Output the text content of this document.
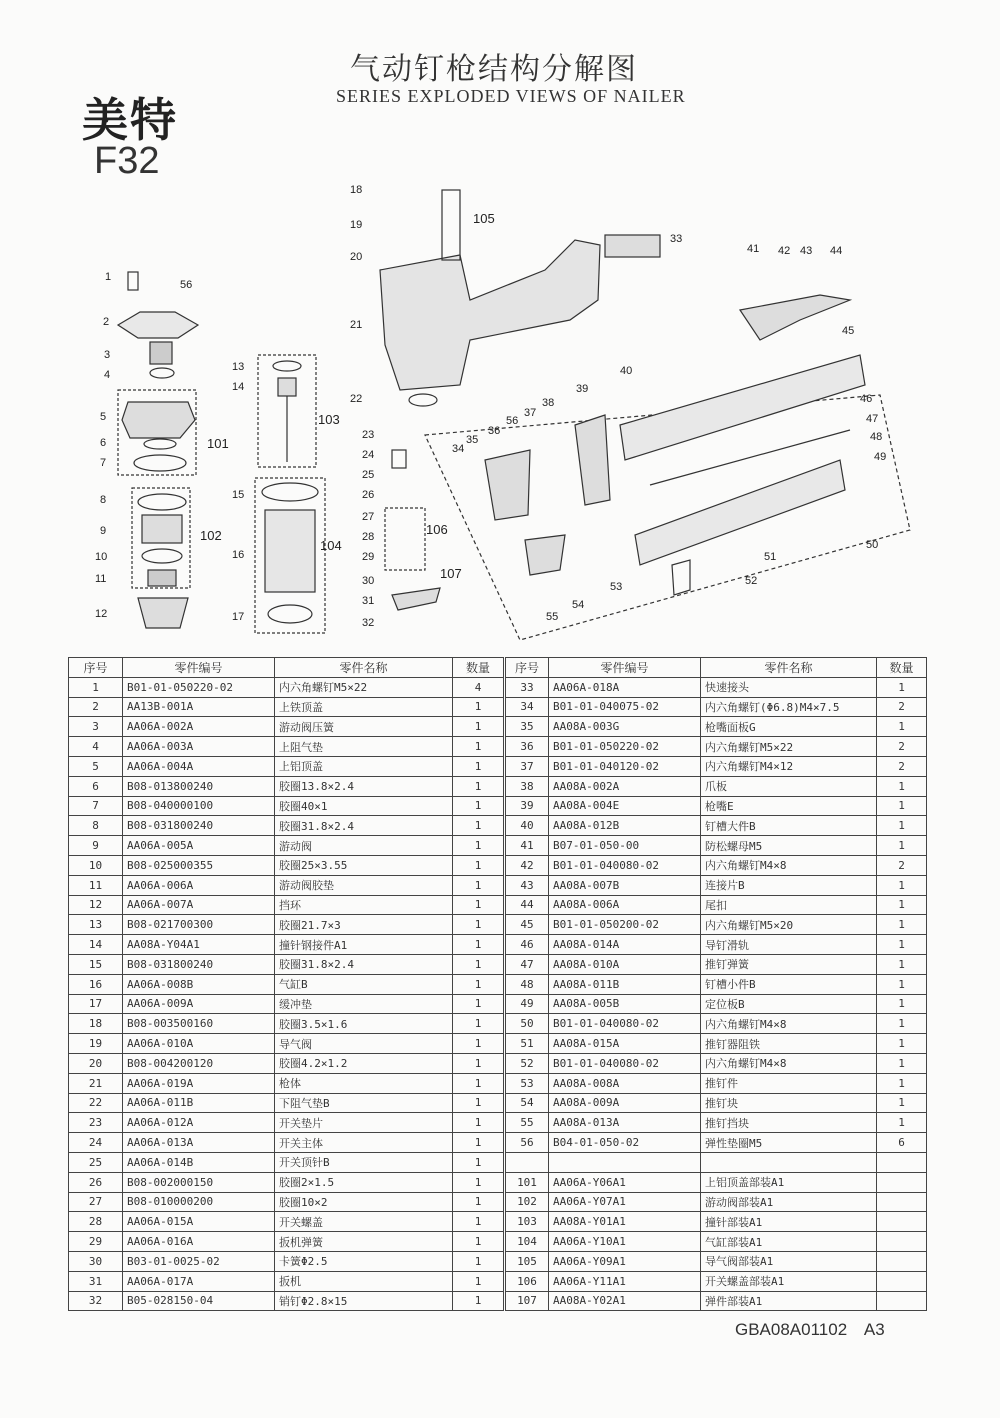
气动钉枪结构分解图
SERIES EXPLODED VIEWS OF NAILER
美特
F32
1
56
2
3
4
5
6
7
8
9
10
11
12
13
14
15
16
17
18
19
20
21
22
23
24
25
26
27
28
29
30
31
32
33
34
35
36
56
37
38
39
40
41 42 43 44
45
46
47
48
49
50
51
52
53
54
55
101
102
103
104
105
106
107
序号	零件编号	零件名称	数量	序号	零件编号	零件名称	数量
1	B01-01-050220-02	内六角螺钉M5×22	4	33	AA06A-018A	快速接头	1
2	AA13B-001A	上铁顶盖	1	34	B01-01-040075-02	内六角螺钉(Φ6.8)M4×7.5	2
3	AA06A-002A	游动阀压簧	1	35	AA08A-003G	枪嘴面板G	1
4	AA06A-003A	上阻气垫	1	36	B01-01-050220-02	内六角螺钉M5×22	2
5	AA06A-004A	上铝顶盖	1	37	B01-01-040120-02	内六角螺钉M4×12	2
6	B08-013800240	胶圈13.8×2.4	1	38	AA08A-002A	爪板	1
7	B08-040000100	胶圈40×1	1	39	AA08A-004E	枪嘴E	1
8	B08-031800240	胶圈31.8×2.4	1	40	AA08A-012B	钉槽大件B	1
9	AA06A-005A	游动阀	1	41	B07-01-050-00	防松螺母M5	1
10	B08-025000355	胶圈25×3.55	1	42	B01-01-040080-02	内六角螺钉M4×8	2
11	AA06A-006A	游动阀胶垫	1	43	AA08A-007B	连接片B	1
12	AA06A-007A	挡环	1	44	AA08A-006A	尾扣	1
13	B08-021700300	胶圈21.7×3	1	45	B01-01-050200-02	内六角螺钉M5×20	1
14	AA08A-Y04A1	撞针钢接件A1	1	46	AA08A-014A	导钉滑轨	1
15	B08-031800240	胶圈31.8×2.4	1	47	AA08A-010A	推钉弹簧	1
16	AA06A-008B	气缸B	1	48	AA08A-011B	钉槽小件B	1
17	AA06A-009A	缓冲垫	1	49	AA08A-005B	定位板B	1
18	B08-003500160	胶圈3.5×1.6	1	50	B01-01-040080-02	内六角螺钉M4×8	1
19	AA06A-010A	导气阀	1	51	AA08A-015A	推钉器阻铁	1
20	B08-004200120	胶圈4.2×1.2	1	52	B01-01-040080-02	内六角螺钉M4×8	1
21	AA06A-019A	枪体	1	53	AA08A-008A	推钉件	1
22	AA06A-011B	下阻气垫B	1	54	AA08A-009A	推钉块	1
23	AA06A-012A	开关垫片	1	55	AA08A-013A	推钉挡块	1
24	AA06A-013A	开关主体	1	56	B04-01-050-02	弹性垫圈M5	6
25	AA06A-014B	开关顶针B	1				
26	B08-002000150	胶圈2×1.5	1	101	AA06A-Y06A1	上铝顶盖部装A1	
27	B08-010000200	胶圈10×2	1	102	AA06A-Y07A1	游动阀部装A1	
28	AA06A-015A	开关螺盖	1	103	AA08A-Y01A1	撞针部装A1	
29	AA06A-016A	扳机弹簧	1	104	AA06A-Y10A1	气缸部装A1	
30	B03-01-0025-02	卡簧Φ2.5	1	105	AA06A-Y09A1	导气阀部装A1	
31	AA06A-017A	扳机	1	106	AA06A-Y11A1	开关螺盖部装A1	
32	B05-028150-04	销钉Φ2.8×15	1	107	AA08A-Y02A1	弹件部装A1	
GBA08A01102 A3
